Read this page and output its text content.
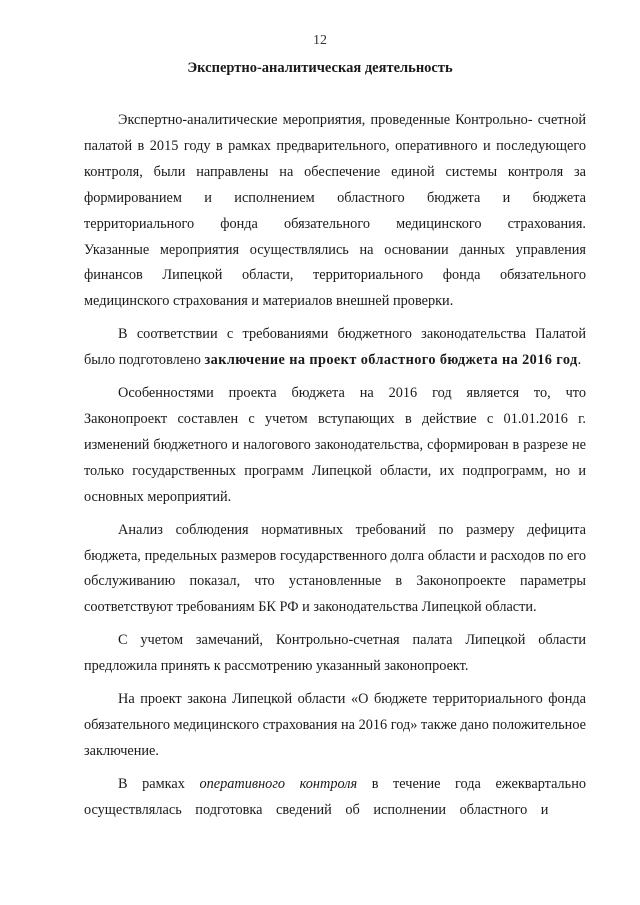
12
Экспертно-аналитическая деятельность

Экспертно-аналитические мероприятия, проведенные Контрольно- счетной палатой в 2015 году в рамках предварительного, оперативного и последующего контроля, были направлены на обеспечение единой системы контроля за формированием и исполнением областного бюджета и бюджета территориального фонда обязательного медицинского страхования. Указанные мероприятия осуществлялись на основании данных управления финансов Липецкой области, территориального фонда обязательного медицинского страхования и материалов внешней проверки.

В соответствии с требованиями бюджетного законодательства Палатой было подготовлено заключение на проект областного бюджета на 2016 год.

Особенностями проекта бюджета на 2016 год является то, что Законопроект составлен с учетом вступающих в действие с 01.01.2016 г. изменений бюджетного и налогового законодательства, сформирован в разрезе не только государственных программ Липецкой области, их подпрограмм, но и основных мероприятий.

Анализ соблюдения нормативных требований по размеру дефицита бюджета, предельных размеров государственного долга области и расходов по его обслуживанию показал, что установленные в Законопроекте параметры соответствуют требованиям БК РФ и законодательства Липецкой области.

С учетом замечаний, Контрольно-счетная палата Липецкой области предложила принять к рассмотрению указанный законопроект.

На проект закона Липецкой области «О бюджете территориального фонда обязательного медицинского страхования на 2016 год» также дано положительное заключение.

В рамках оперативного контроля в течение года ежеквартально осуществлялась подготовка сведений об исполнении областного и
